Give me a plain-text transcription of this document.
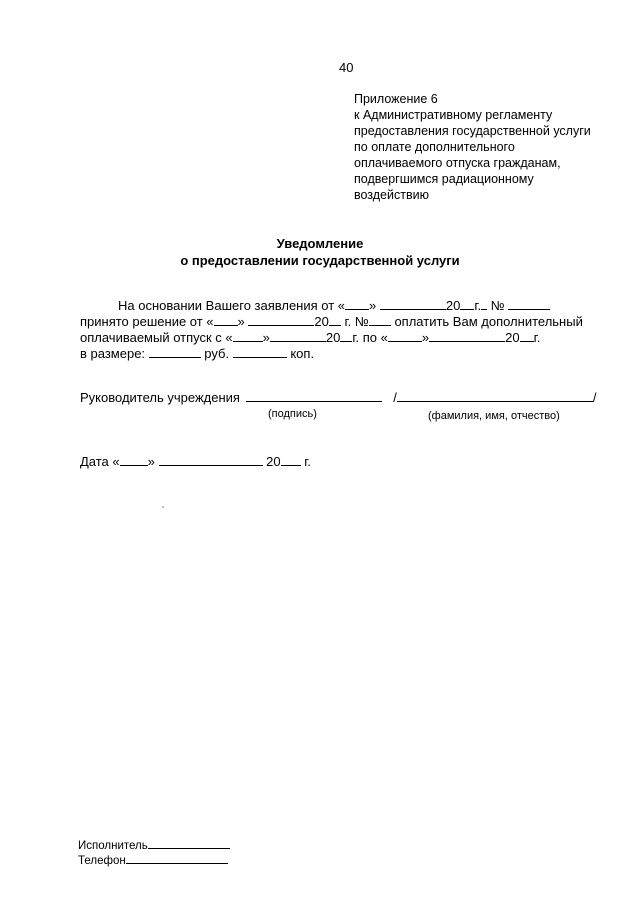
40
Приложение 6
к Административному регламенту
предоставления государственной услуги
по оплате дополнительного
оплачиваемого отпуска гражданам,
подвергшимся радиационному
воздействию
Уведомление
о предоставлении государственной услуги
На основании Вашего заявления от « »	20 г. №
принято решение от « »	20 г. № оплатить Вам дополнительный
оплачиваемый отпуск с « »	20 г. по «	»	20 г.
в размере:	руб.	коп.
Руководитель учреждения	/	/
(подпись)	(фамилия, имя, отчество)
Дата « »	20 г.
Исполнитель
Телефон
